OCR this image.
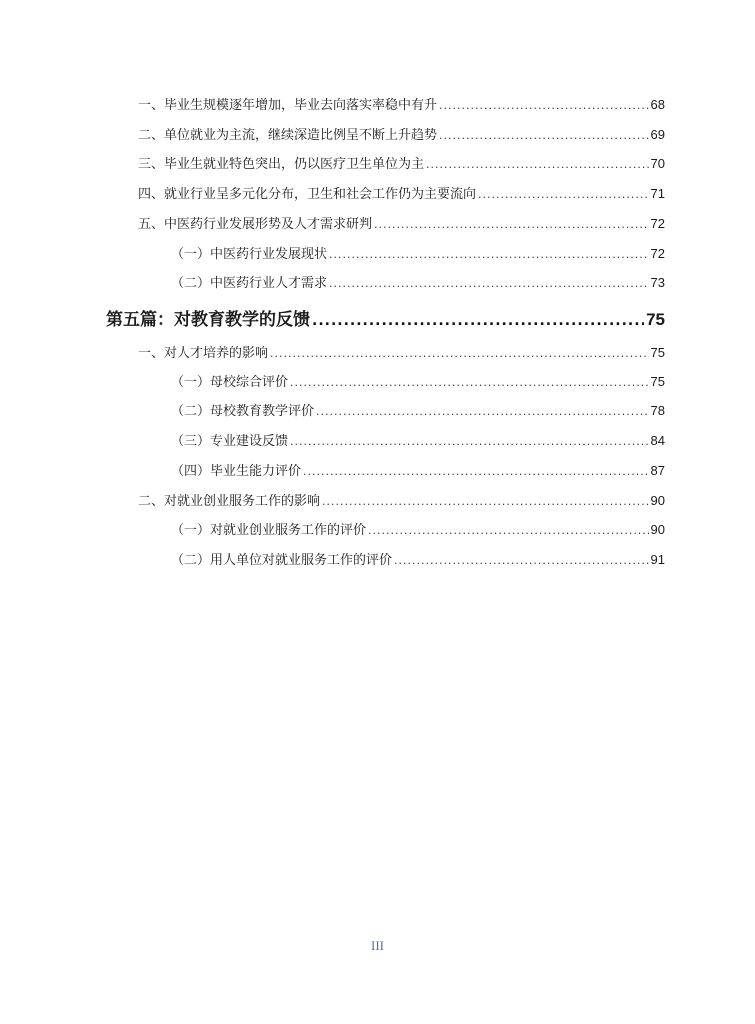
一、毕业生规模逐年增加，毕业去向落实率稳中有升 .....	68
二、单位就业为主流，继续深造比例呈不断上升趋势 .....	69
三、毕业生就业特色突出，仍以医疗卫生单位为主 .....	70
四、就业行业呈多元化分布，卫生和社会工作仍为主要流向 .....	71
五、中医药行业发展形势及人才需求研判 .....	72
（一）中医药行业发展现状 .....	72
（二）中医药行业人才需求 .....	73
第五篇：对教育教学的反馈 .....	75
一、对人才培养的影响 .....	75
（一）母校综合评价 .....	75
（二）母校教育教学评价 .....	78
（三）专业建设反馈 .....	84
（四）毕业生能力评价 .....	87
二、对就业创业服务工作的影响 .....	90
（一）对就业创业服务工作的评价 .....	90
（二）用人单位对就业服务工作的评价 .....	91
III
